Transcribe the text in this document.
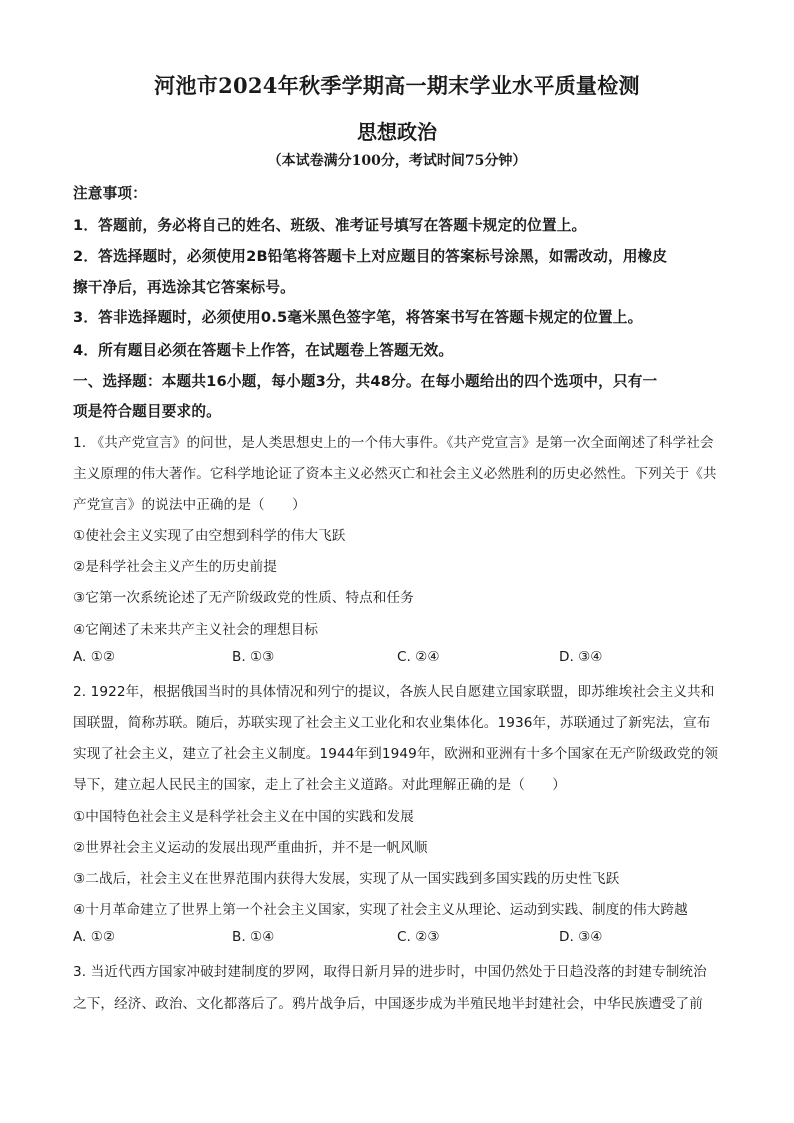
河池市2024年秋季学期高一期末学业水平质量检测
思想政治
（本试卷满分100分，考试时间75分钟）
注意事项：
1．答题前，务必将自己的姓名、班级、准考证号填写在答题卡规定的位置上。
2．答选择题时，必须使用2B铅笔将答题卡上对应题目的答案标号涂黑，如需改动，用橡皮
擦干净后，再选涂其它答案标号。
3．答非选择题时，必须使用0.5毫米黑色签字笔，将答案书写在答题卡规定的位置上。
4．所有题目必须在答题卡上作答，在试题卷上答题无效。
一、选择题：本题共16小题，每小题3分，共48分。在每小题给出的四个选项中，只有一
项是符合题目要求的。
1. 《共产党宣言》的问世，是人类思想史上的一个伟大事件。《共产党宣言》是第一次全面阐述了科学社会
主义原理的伟大著作。它科学地论证了资本主义必然灭亡和社会主义必然胜利的历史必然性。下列关于《共
产党宣言》的说法中正确的是（　　）
①使社会主义实现了由空想到科学的伟大飞跃
②是科学社会主义产生的历史前提
③它第一次系统论述了无产阶级政党的性质、特点和任务
④它阐述了未来共产主义社会的理想目标
A. ①②	B. ①③	C. ②④	D. ③④
2. 1922年，根据俄国当时的具体情况和列宁的提议，各族人民自愿建立国家联盟，即苏维埃社会主义共和
国联盟，简称苏联。随后，苏联实现了社会主义工业化和农业集体化。1936年，苏联通过了新宪法，宣布
实现了社会主义，建立了社会主义制度。1944年到1949年，欧洲和亚洲有十多个国家在无产阶级政党的领
导下，建立起人民民主的国家，走上了社会主义道路。对此理解正确的是（　　）
①中国特色社会主义是科学社会主义在中国的实践和发展
②世界社会主义运动的发展出现严重曲折，并不是一帆风顺
③二战后，社会主义在世界范围内获得大发展，实现了从一国实践到多国实践的历史性飞跃
④十月革命建立了世界上第一个社会主义国家，实现了社会主义从理论、运动到实践、制度的伟大跨越
A. ①②	B. ①④	C. ②③	D. ③④
3. 当近代西方国家冲破封建制度的罗网，取得日新月异的进步时，中国仍然处于日趋没落的封建专制统治
之下，经济、政治、文化都落后了。鸦片战争后，中国逐步成为半殖民地半封建社会，中华民族遭受了前
